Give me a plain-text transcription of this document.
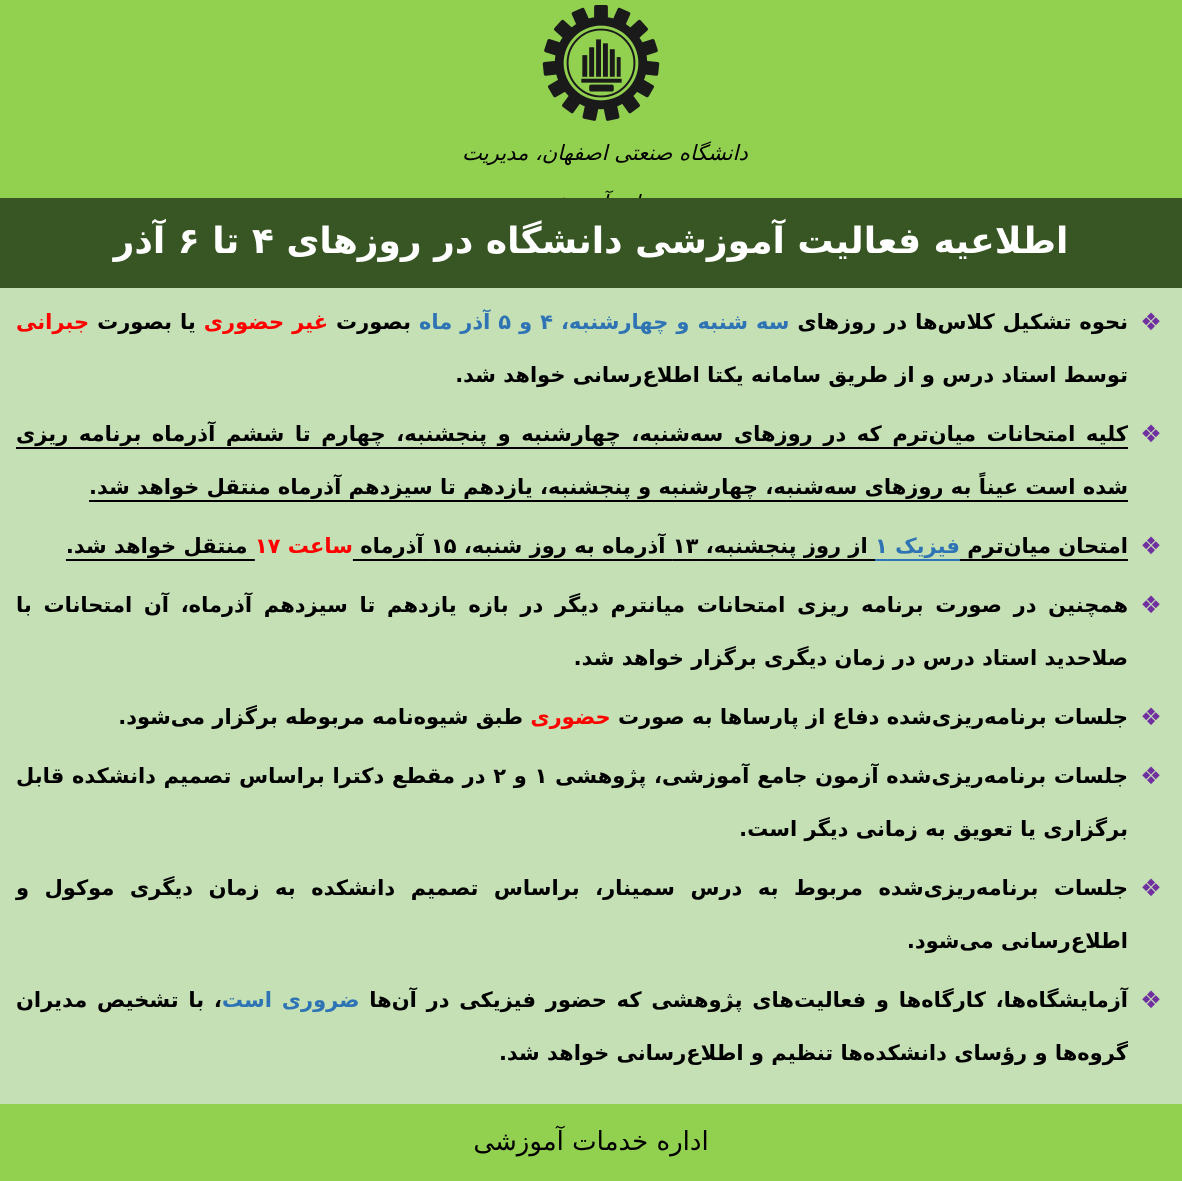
دانشگاه صنعتی اصفهان، مدیریت
اطلاعیه فعالیت آموزشی دانشگاه در روزهای ۴ تا ۶ آذر
❖
نحوه تشکیل کلاس‌ها در روزهای سه شنبه و چهارشنبه، ۴ و ۵ آذر ماه بصورت غیر حضوری یا بصورت جبرانی توسط استاد درس و از طریق سامانه یکتا اطلاع‌رسانی خواهد شد.
❖
کلیه امتحانات میان‌ترم که در روزهای سه‌شنبه، چهارشنبه و پنجشنبه، چهارم تا ششم آذرماه برنامه ریزی شده است عیناً به روزهای سه‌شنبه، چهارشنبه و پنجشنبه، یازدهم تا سیزدهم آذرماه منتقل خواهد شد.
❖
امتحان میان‌ترم فیزیک ۱ از روز پنجشنبه، ۱۳ آذرماه به روز شنبه، ۱۵ آذرماه ساعت ۱۷ منتقل خواهد شد.
❖
همچنین در صورت برنامه ریزی امتحانات میانترم دیگر در بازه یازدهم تا سیزدهم آذرماه، آن امتحانات با صلاحدید استاد درس در زمان دیگری برگزار خواهد شد.
❖
جلسات برنامه‌ریزی‌شده دفاع از پارساها به صورت حضوری طبق شیوه‌نامه مربوطه برگزار می‌شود.
❖
جلسات برنامه‌ریزی‌شده آزمون جامع آموزشی، پژوهشی ۱ و ۲ در مقطع دکترا براساس تصمیم دانشکده قابل برگزاری یا تعویق به زمانی دیگر است.
❖
جلسات برنامه‌ریزی‌شده مربوط به درس سمینار، براساس تصمیم دانشکده به زمان دیگری موکول و اطلاع‌رسانی می‌شود.
❖
آزمایشگاه‌ها، کارگاه‌ها و فعالیت‌های پژوهشی که حضور فیزیکی در آن‌ها ضروری است، با تشخیص مدیران گروه‌ها و رؤسای دانشکده‌ها تنظیم و اطلاع‌رسانی خواهد شد.
اداره خدمات آموزشی
